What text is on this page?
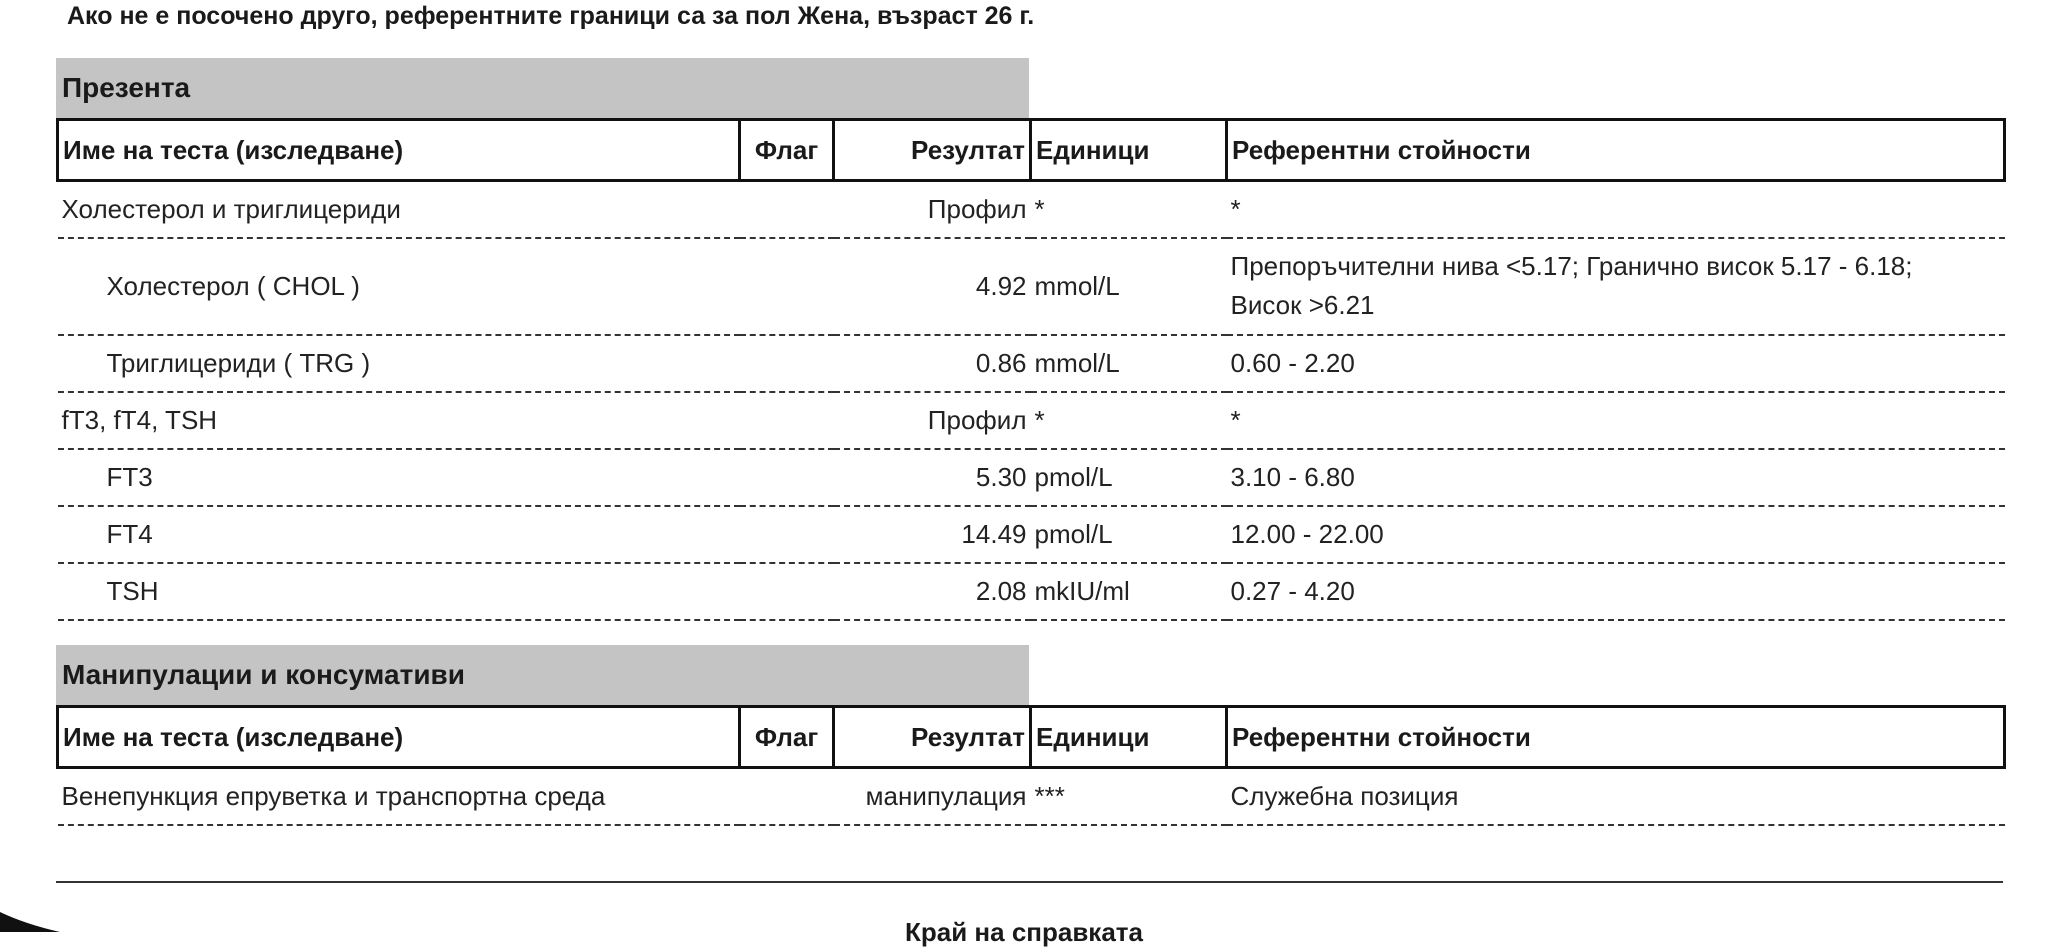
Ако не е посочено друго, референтните граници са за пол Жена, възраст 26 г.
Презента
Име на теста (изследване)	Флаг	Резултат	Единици	Референтни стойности
Холестерол и триглицериди		Профил	*	*
Холестерол ( CHOL )		4.92	mmol/L	Препоръчителни нива <5.17; Гранично висок 5.17 - 6.18; Висок >6.21
Триглицериди ( TRG )		0.86	mmol/L	0.60 - 2.20
fT3, fT4, TSH		Профил	*	*
FT3		5.30	pmol/L	3.10 - 6.80
FT4		14.49	pmol/L	12.00 - 22.00
TSH		2.08	mkIU/ml	0.27 - 4.20
Манипулации и консумативи
Име на теста (изследване)	Флаг	Резултат	Единици	Референтни стойности
Венепункция епруветка и транспортна среда		манипулация	***	Служебна позиция
Край на справката
